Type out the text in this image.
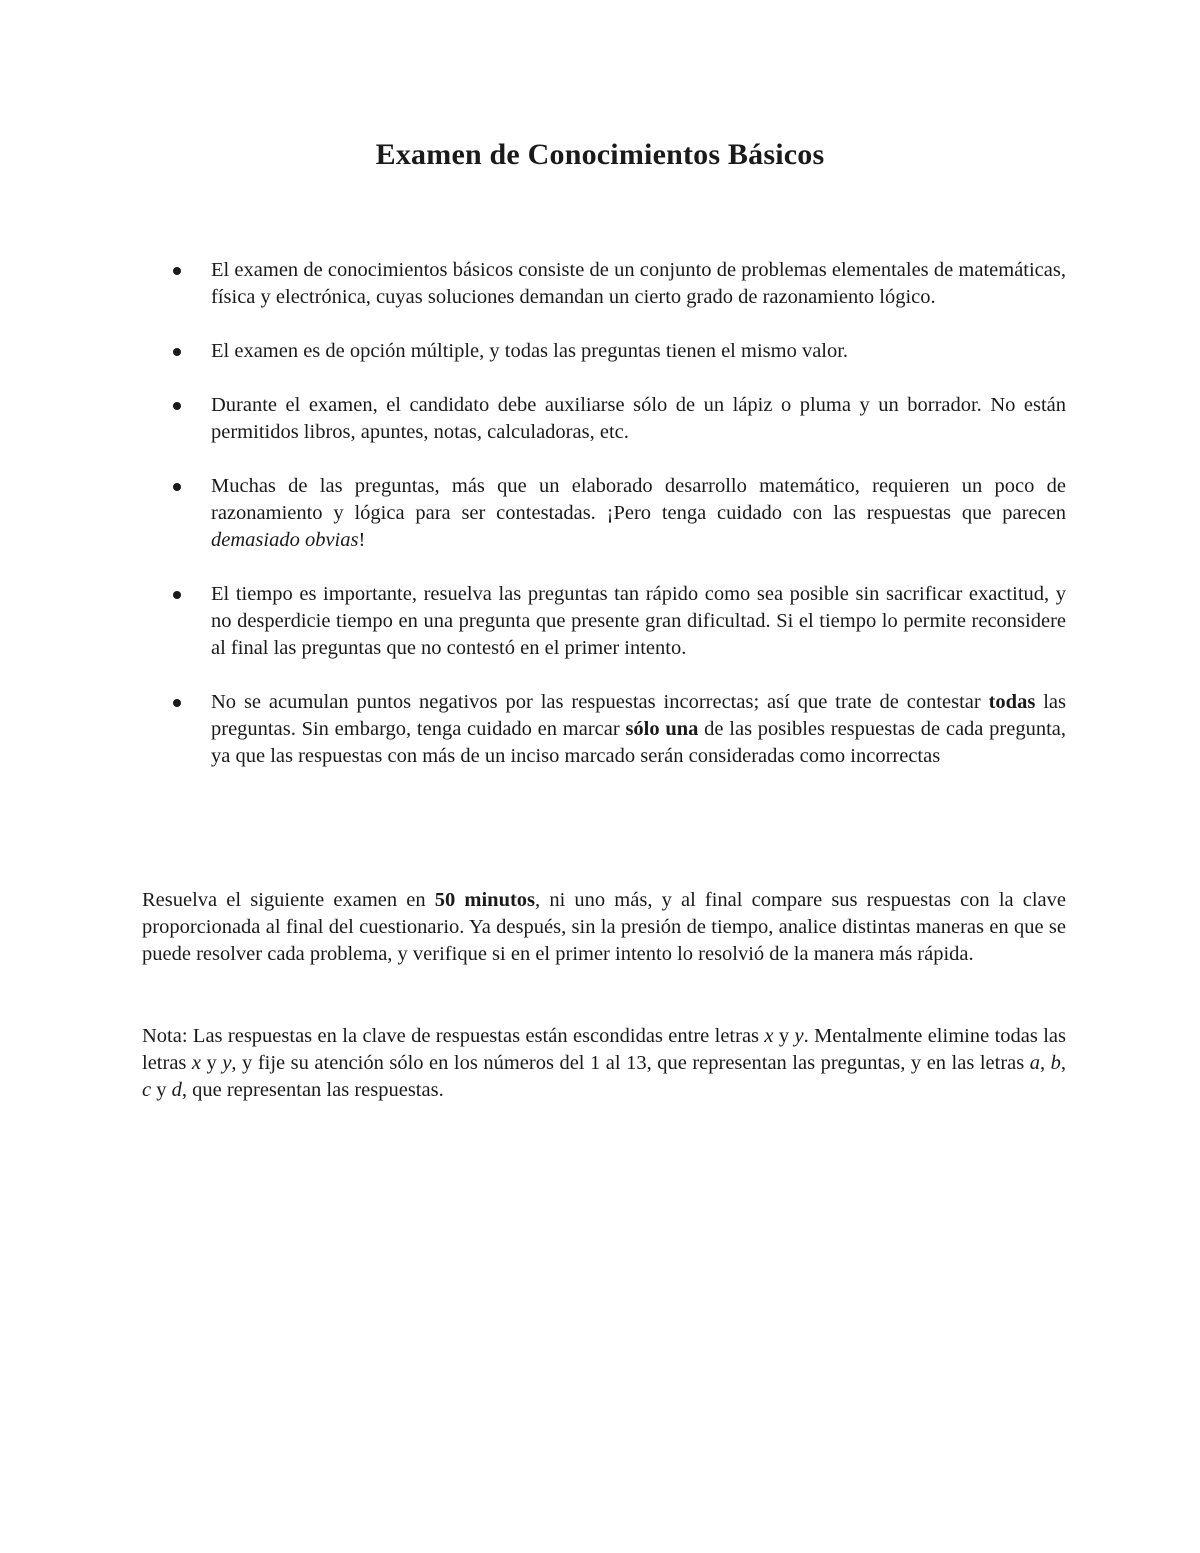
Examen de Conocimientos Básicos
El examen de conocimientos básicos consiste de un conjunto de problemas elementales de matemáticas, física y electrónica, cuyas soluciones demandan un cierto grado de razonamiento lógico.
El examen es de opción múltiple, y todas las preguntas tienen el mismo valor.
Durante el examen, el candidato debe auxiliarse sólo de un lápiz o pluma y un borrador. No están permitidos libros, apuntes, notas, calculadoras, etc.
Muchas de las preguntas, más que un elaborado desarrollo matemático, requieren un poco de razonamiento y lógica para ser contestadas. ¡Pero tenga cuidado con las respuestas que parecen demasiado obvias!
El tiempo es importante, resuelva las preguntas tan rápido como sea posible sin sacrificar exactitud, y no desperdicie tiempo en una pregunta que presente gran dificultad. Si el tiempo lo permite reconsidere al final las preguntas que no contestó en el primer intento.
No se acumulan puntos negativos por las respuestas incorrectas; así que trate de contestar todas las preguntas. Sin embargo, tenga cuidado en marcar sólo una de las posibles respuestas de cada pregunta, ya que las respuestas con más de un inciso marcado serán consideradas como incorrectas

Resuelva el siguiente examen en 50 minutos, ni uno más, y al final compare sus respuestas con la clave proporcionada al final del cuestionario. Ya después, sin la presión de tiempo, analice distintas maneras en que se puede resolver cada problema, y verifique si en el primer intento lo resolvió de la manera más rápida.

Nota: Las respuestas en la clave de respuestas están escondidas entre letras x y y. Mentalmente elimine todas las letras x y y, y fije su atención sólo en los números del 1 al 13, que representan las preguntas, y en las letras a, b, c y d, que representan las respuestas.
